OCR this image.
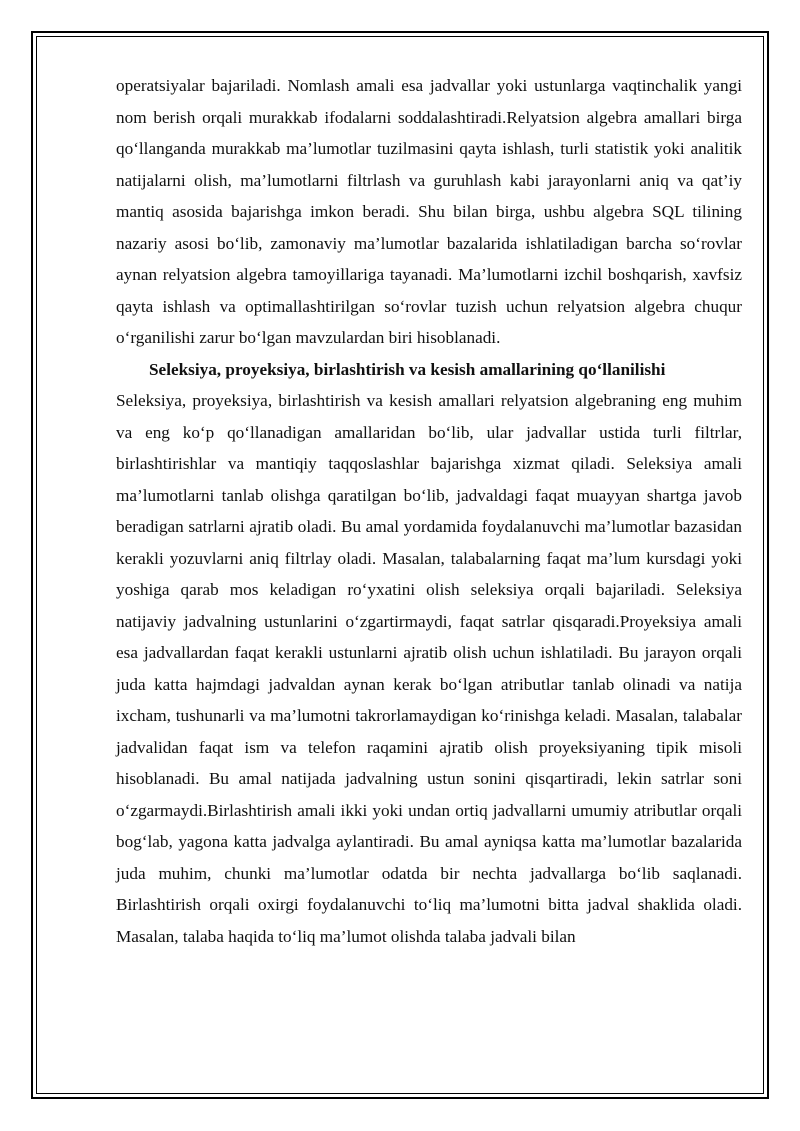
operatsiyalar bajariladi. Nomlash amali esa jadvallar yoki ustunlarga vaqtinchalik yangi nom berish orqali murakkab ifodalarni soddalashtiradi.Relyatsion algebra amallari birga qo‘llanganda murakkab ma’lumotlar tuzilmasini qayta ishlash, turli statistik yoki analitik natijalarni olish, ma’lumotlarni filtrlash va guruhlash kabi jarayonlarni aniq va qat’iy mantiq asosida bajarishga imkon beradi. Shu bilan birga, ushbu algebra SQL tilining nazariy asosi bo‘lib, zamonaviy ma’lumotlar bazalarida ishlatiladigan barcha so‘rovlar aynan relyatsion algebra tamoyillariga tayanadi. Ma’lumotlarni izchil boshqarish, xavfsiz qayta ishlash va optimallashtirilgan so‘rovlar tuzish uchun relyatsion algebra chuqur o‘rganilishi zarur bo‘lgan mavzulardan biri hisoblanadi.

Seleksiya, proyeksiya, birlashtirish va kesish amallarining qo‘llanilishi

Seleksiya, proyeksiya, birlashtirish va kesish amallari relyatsion algebraning eng muhim va eng ko‘p qo‘llanadigan amallaridan bo‘lib, ular jadvallar ustida turli filtrlar, birlashtirishlar va mantiqiy taqqoslashlar bajarishga xizmat qiladi. Seleksiya amali ma’lumotlarni tanlab olishga qaratilgan bo‘lib, jadvaldagi faqat muayyan shartga javob beradigan satrlarni ajratib oladi. Bu amal yordamida foydalanuvchi ma’lumotlar bazasidan kerakli yozuvlarni aniq filtrlay oladi. Masalan, talabalarning faqat ma’lum kursdagi yoki yoshiga qarab mos keladigan ro‘yxatini olish seleksiya orqali bajariladi. Seleksiya natijaviy jadvalning ustunlarini o‘zgartirmaydi, faqat satrlar qisqaradi.Proyeksiya amali esa jadvallardan faqat kerakli ustunlarni ajratib olish uchun ishlatiladi. Bu jarayon orqali juda katta hajmdagi jadvaldan aynan kerak bo‘lgan atributlar tanlab olinadi va natija ixcham, tushunarli va ma’lumotni takrorlamaydigan ko‘rinishga keladi. Masalan, talabalar jadvalidan faqat ism va telefon raqamini ajratib olish proyeksiyaning tipik misoli hisoblanadi. Bu amal natijada jadvalning ustun sonini qisqartiradi, lekin satrlar soni o‘zgarmaydi.Birlashtirish amali ikki yoki undan ortiq jadvallarni umumiy atributlar orqali bog‘lab, yagona katta jadvalga aylantiradi. Bu amal ayniqsa katta ma’lumotlar bazalarida juda muhim, chunki ma’lumotlar odatda bir nechta jadvallarga bo‘lib saqlanadi. Birlashtirish orqali oxirgi foydalanuvchi to‘liq ma’lumotni bitta jadval shaklida oladi. Masalan, talaba haqida to‘liq ma’lumot olishda talaba jadvali bilan
